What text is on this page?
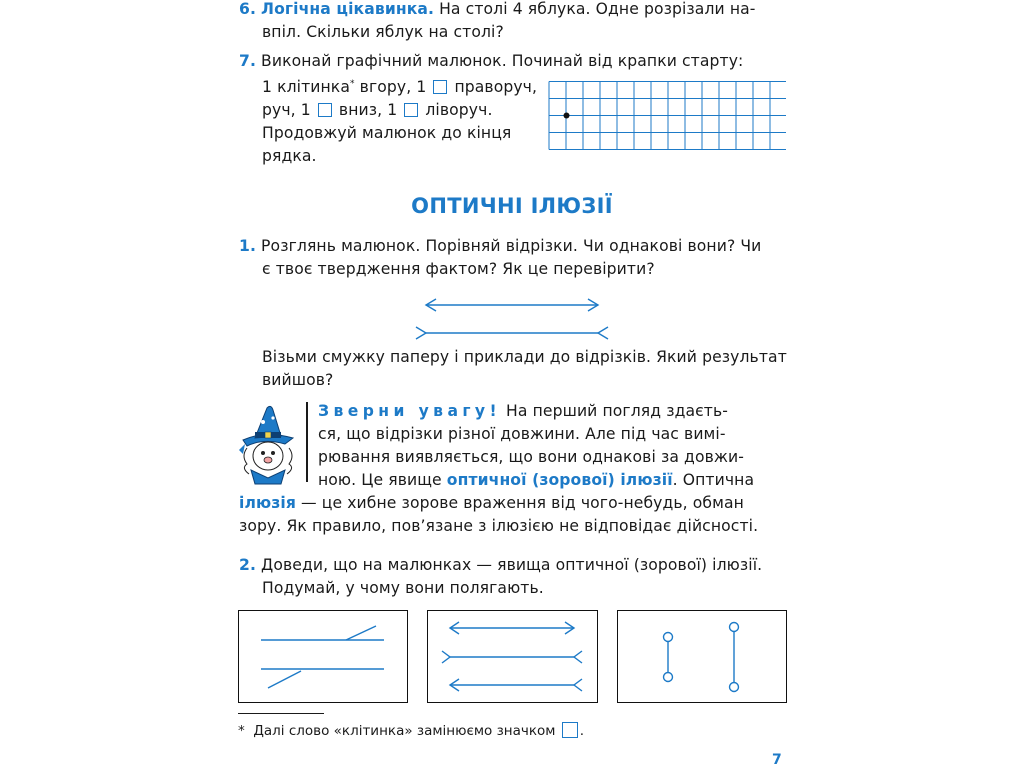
6. Логічна цікавинка. На столі 4 яблука. Одне розрізали на-
впіл. Скільки яблук на столі?
7. Виконай графічний малюнок. Починай від крапки старту:
1 клітинка* вгору, 1  праворуч,
руч, 1  вниз, 1  ліворуч.
Продовжуй малюнок до кінця
рядка.
ОПТИЧНІ ІЛЮЗІЇ
1. Розглянь малюнок. Порівняй відрізки. Чи однакові вони? Чи
є твоє твердження фактом? Як це перевірити?
Візьми смужку паперу і приклади до відрізків. Який результат
вийшов?
Зверни увагу! На перший погляд здаєть-
ся, що відрізки різної довжини. Але під час вимі-
рювання виявляється, що вони однакові за довжи-
ною. Це явище оптичної (зорової) ілюзії. Оптична
ілюзія — це хибне зорове враження від чого-небудь, обман
зору. Як правило, пов’язане з ілюзією не відповідає дійсності.
2. Доведи, що на малюнках — явища оптичної (зорової) ілюзії.
Подумай, у чому вони полягають.
* Далі слово «клітинка» замінюємо значком .
7
